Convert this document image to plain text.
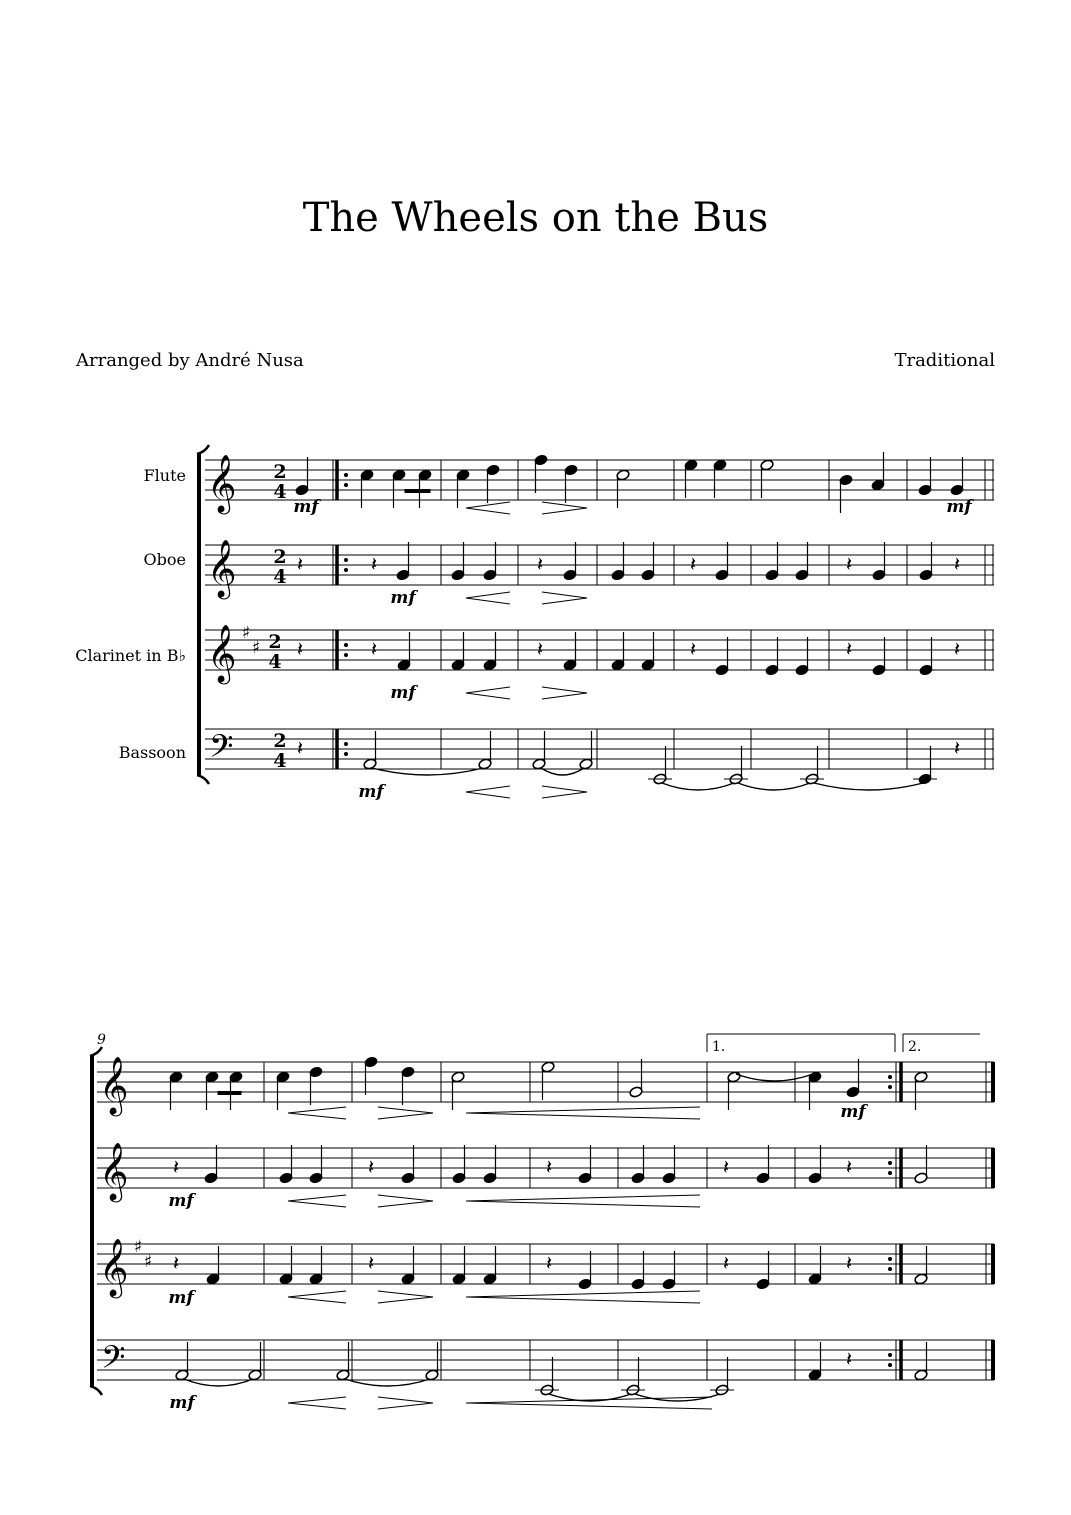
The Wheels on the Bus
Arranged by André Nusa	Traditional
Flute
Oboe
Clarinet in B♭
Bassoon
𝄞
𝄞
𝄞
𝄢
♯
♯
2
4
2
4
2
4
2
4
mf	mf
𝄽	𝄽	𝄽	𝄽	𝄽	𝄽
mf
𝄽	𝄽	𝄽	𝄽	𝄽	𝄽
mf
𝄽	𝄽
mf
9
𝄞
𝄞
𝄞
𝄢
♯
♯
1.	2.
mf
𝄽	𝄽	𝄽	𝄽	𝄽
mf
𝄽	𝄽	𝄽	𝄽	𝄽
mf
𝄽
mf
